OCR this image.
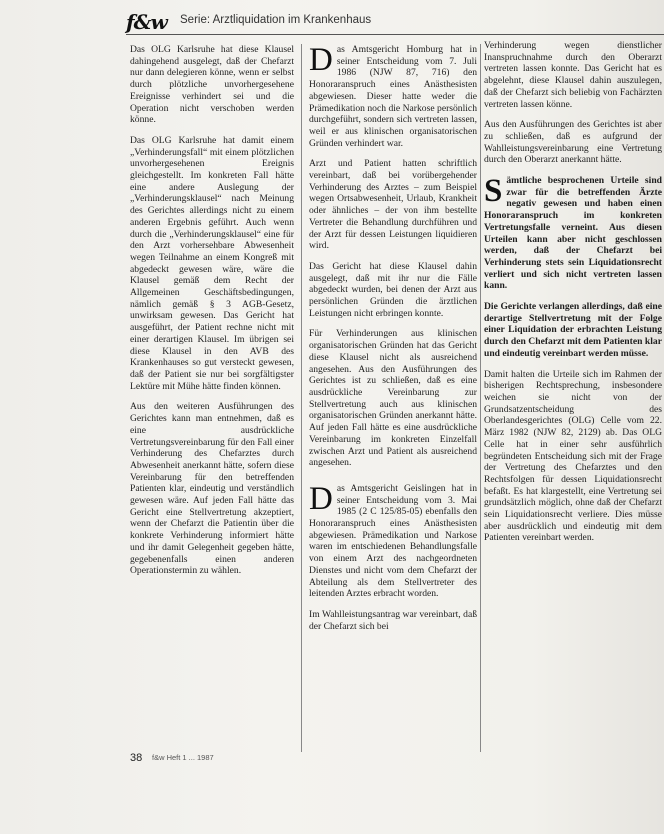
f&w Serie: Arztliquidation im Krankenhaus

Das OLG Karlsruhe hat diese Klausel dahingehend ausgelegt, daß der Chefarzt nur dann delegieren könne, wenn er selbst durch plötzliche unvorhergesehene Ereignisse verhindert sei und die Operation nicht verschoben werden könne.

Das OLG Karlsruhe hat damit einem „Verhinderungsfall“ mit einem plötzlichen unvorhergesehenen Ereignis gleichgestellt. Im konkreten Fall hätte eine andere Auslegung der „Verhinderungsklausel“ nach Meinung des Gerichtes allerdings nicht zu einem anderen Ergebnis geführt. Auch wenn durch die „Verhinderungsklausel“ eine für den Arzt vorhersehbare Abwesenheit wegen Teilnahme an einem Kongreß mit abgedeckt gewesen wäre, wäre die Klausel gemäß dem Recht der Allgemeinen Geschäftsbedingungen, nämlich gemäß § 3 AGB-Gesetz, unwirksam gewesen. Das Gericht hat ausgeführt, der Patient rechne nicht mit einer derartigen Klausel. Im übrigen sei diese Klausel in den AVB des Krankenhauses so gut versteckt gewesen, daß der Patient sie nur bei sorgfältigster Lektüre mit Mühe hätte finden können.

Aus den weiteren Ausführungen des Gerichtes kann man entnehmen, daß es eine ausdrückliche Vertretungsvereinbarung für den Fall einer Verhinderung des Chefarztes durch Abwesenheit anerkannt hätte, sofern diese Vereinbarung für den betreffenden Patienten klar, eindeutig und verständlich gewesen wäre. Auf jeden Fall hätte das Gericht eine Stellvertretung akzeptiert, wenn der Chefarzt die Patientin über die konkrete Verhinderung informiert hätte und ihr damit Gelegenheit gegeben hätte, gegebenenfalls einen anderen Operationstermin zu wählen.

Das Amtsgericht Homburg hat in seiner Entscheidung vom 7. Juli 1986 (NJW 87, 716) den Honoraranspruch eines Anästhesisten abgewiesen. Dieser hatte weder die Prämedikation noch die Narkose persönlich durchgeführt, sondern sich vertreten lassen, weil er aus klinischen organisatorischen Gründen verhindert war.

Arzt und Patient hatten schriftlich vereinbart, daß bei vorübergehender Verhinderung des Arztes – zum Beispiel wegen Ortsabwesenheit, Urlaub, Krankheit oder ähnliches – der von ihm bestellte Vertreter die Behandlung durchführen und der Arzt für dessen Leistungen liquidieren wird.

Das Gericht hat diese Klausel dahin ausgelegt, daß mit ihr nur die Fälle abgedeckt wurden, bei denen der Arzt aus persönlichen Gründen die ärztlichen Leistungen nicht erbringen konnte.

Für Verhinderungen aus klinischen organisatorischen Gründen hat das Gericht diese Klausel nicht als ausreichend angesehen. Aus den Ausführungen des Gerichtes ist zu schließen, daß es eine ausdrückliche Vereinbarung zur Stellvertretung auch aus klinischen organisatorischen Gründen anerkannt hätte. Auf jeden Fall hätte es eine ausdrückliche Vereinbarung im konkreten Einzelfall zwischen Arzt und Patient als ausreichend angesehen.

Das Amtsgericht Geislingen hat in seiner Entscheidung vom 3. Mai 1985 (2 C 125/85-05) ebenfalls den Honoraranspruch eines Anästhesisten abgewiesen. Prämedikation und Narkose waren im entschiedenen Behandlungsfalle von einem Arzt des nachgeordneten Dienstes und nicht vom dem Chefarzt der Abteilung als dem Stellvertreter des leitenden Arztes erbracht worden.

Im Wahlleistungsantrag war vereinbart, daß der Chefarzt sich bei

Verhinderung wegen dienstlicher Inanspruchnahme durch den Oberarzt vertreten lassen konnte. Das Gericht hat es abgelehnt, diese Klausel dahin auszulegen, daß der Chefarzt sich beliebig von Fachärzten vertreten lassen könne.

Aus den Ausführungen des Gerichtes ist aber zu schließen, daß es aufgrund der Wahlleistungsvereinbarung eine Vertretung durch den Oberarzt anerkannt hätte.

Sämtliche besprochenen Urteile sind zwar für die betreffenden Ärzte negativ gewesen und haben einen Honoraranspruch im konkreten Vertretungsfalle verneint. Aus diesen Urteilen kann aber nicht geschlossen werden, daß der Chefarzt bei Verhinderung stets sein Liquidationsrecht verliert und sich nicht vertreten lassen kann.

Die Gerichte verlangen allerdings, daß eine derartige Stellvertretung mit der Folge einer Liquidation der erbrachten Leistung durch den Chefarzt mit dem Patienten klar und eindeutig vereinbart werden müsse.

Damit halten die Urteile sich im Rahmen der bisherigen Rechtsprechung, insbesondere weichen sie nicht von der Grundsatzentscheidung des Oberlandesgerichtes (OLG) Celle vom 22. März 1982 (NJW 82, 2129) ab. Das OLG Celle hat in einer sehr ausführlich begründeten Entscheidung sich mit der Frage der Vertretung des Chefarztes und den Rechtsfolgen für dessen Liquidationsrecht befaßt. Es hat klargestellt, eine Vertretung sei grundsätzlich möglich, ohne daß der Chefarzt sein Liquidationsrecht verliere. Dies müsse aber ausdrücklich und eindeutig mit dem Patienten vereinbart werden.

38 f&w Heft 1 ... 1987
